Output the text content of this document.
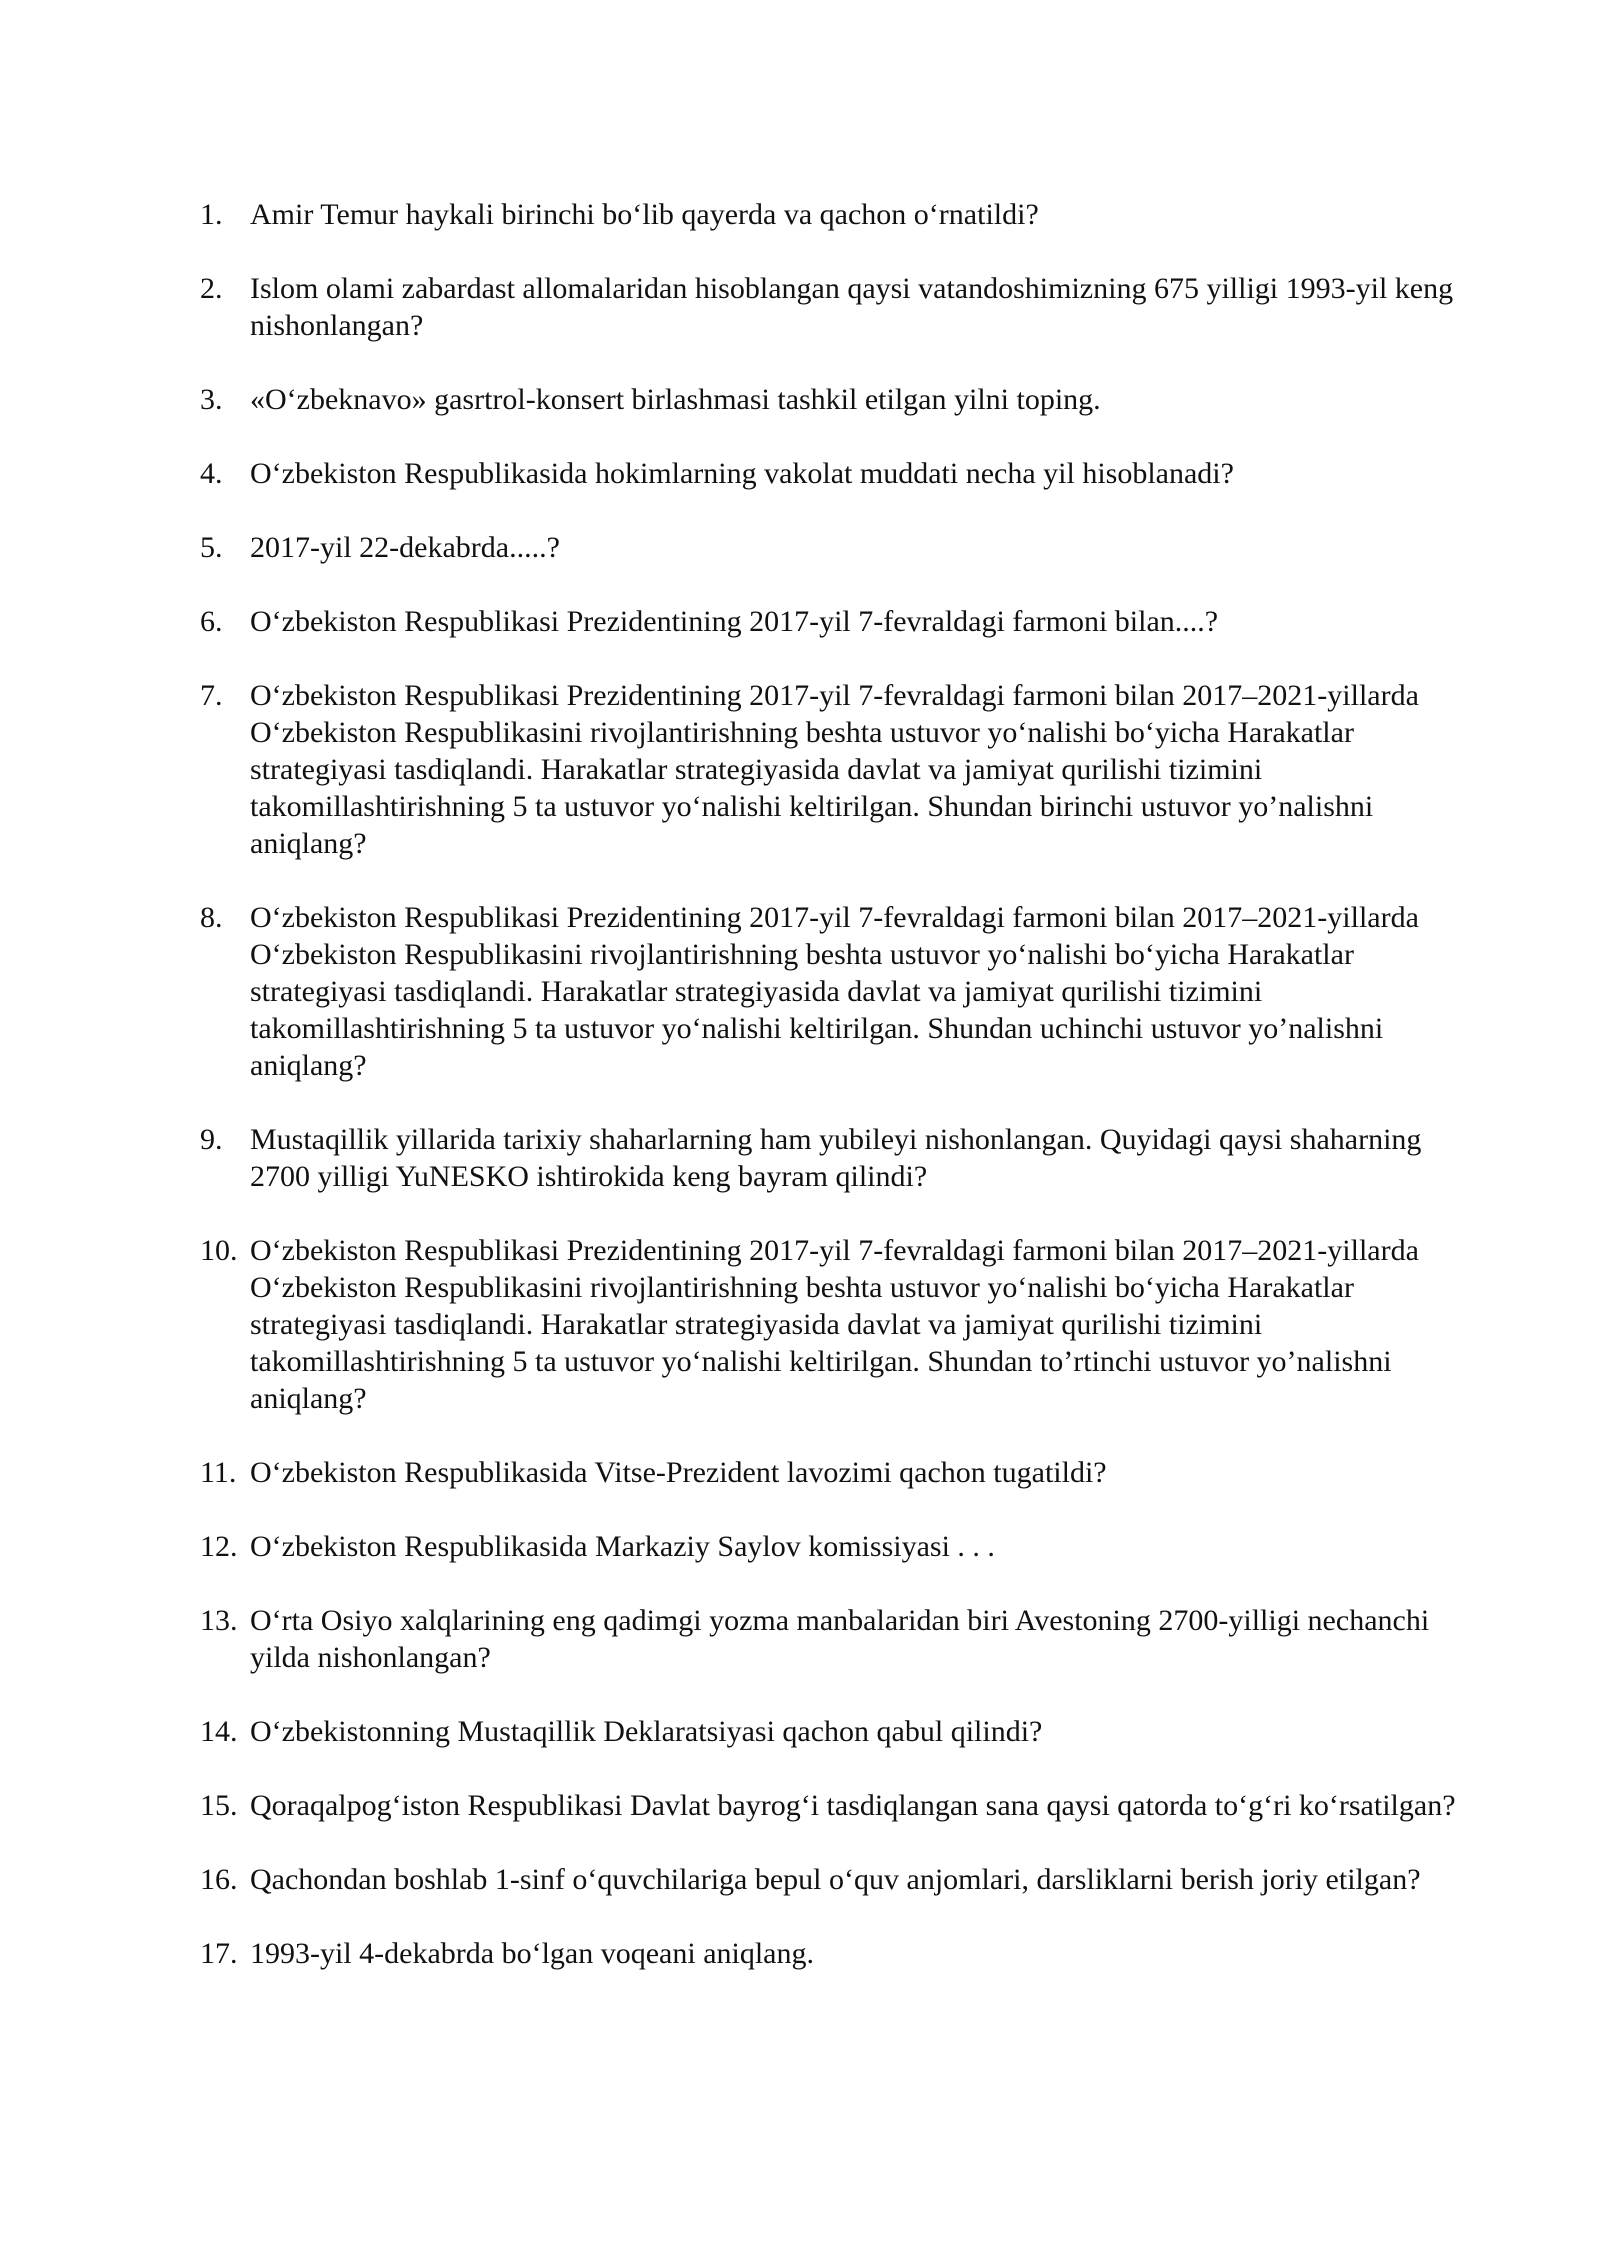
1. Amir Temur haykali birinchi bo‘lib qayerda va qachon o‘rnatildi?
2. Islom olami zabardast allomalaridan hisoblangan qaysi vatandoshimizning 675 yilligi 1993-yil keng nishonlangan?
3. «O‘zbeknavo» gasrtrol-konsert birlashmasi tashkil etilgan yilni toping.
4. O‘zbekiston Respublikasida hokimlarning vakolat muddati necha yil hisoblanadi?
5. 2017-yil 22-dekabrda.....?
6. O‘zbekiston Respublikasi Prezidentining 2017-yil 7-fevraldagi farmoni bilan....?
7. O‘zbekiston Respublikasi Prezidentining 2017-yil 7-fevraldagi farmoni bilan 2017–2021-yillarda O‘zbekiston Respublikasini rivojlantirishning beshta ustuvor yo‘nalishi bo‘yicha Harakatlar strategiyasi tasdiqlandi. Harakatlar strategiyasida davlat va jamiyat qurilishi tizimini takomillashtirishning 5 ta ustuvor yo‘nalishi keltirilgan. Shundan birinchi ustuvor yo’nalishni aniqlang?
8. O‘zbekiston Respublikasi Prezidentining 2017-yil 7-fevraldagi farmoni bilan 2017–2021-yillarda O‘zbekiston Respublikasini rivojlantirishning beshta ustuvor yo‘nalishi bo‘yicha Harakatlar strategiyasi tasdiqlandi. Harakatlar strategiyasida davlat va jamiyat qurilishi tizimini takomillashtirishning 5 ta ustuvor yo‘nalishi keltirilgan. Shundan uchinchi ustuvor yo’nalishni aniqlang?
9. Mustaqillik yillarida tarixiy shaharlarning ham yubileyi nishonlangan. Quyidagi qaysi shaharning 2700 yilligi YuNESKO ishtirokida keng bayram qilindi?
10. O‘zbekiston Respublikasi Prezidentining 2017-yil 7-fevraldagi farmoni bilan 2017–2021-yillarda O‘zbekiston Respublikasini rivojlantirishning beshta ustuvor yo‘nalishi bo‘yicha Harakatlar strategiyasi tasdiqlandi. Harakatlar strategiyasida davlat va jamiyat qurilishi tizimini takomillashtirishning 5 ta ustuvor yo‘nalishi keltirilgan. Shundan to’rtinchi ustuvor yo’nalishni aniqlang?
11. O‘zbekiston Respublikasida Vitse-Prezident lavozimi qachon tugatildi?
12. O‘zbekiston Respublikasida Markaziy Saylov komissiyasi . . .
13. O‘rta Osiyo xalqlarining eng qadimgi yozma manbalaridan biri Avestoning 2700-yilligi nechanchi yilda nishonlangan?
14. O‘zbekistonning Mustaqillik Deklaratsiyasi qachon qabul qilindi?
15. Qoraqalpog‘iston Respublikasi Davlat bayrog‘i tasdiqlangan sana qaysi qatorda to‘g‘ri ko‘rsatilgan?
16. Qachondan boshlab 1-sinf o‘quvchilariga bepul o‘quv anjomlari, darsliklarni berish joriy etilgan?
17. 1993-yil 4-dekabrda bo‘lgan voqeani aniqlang.
